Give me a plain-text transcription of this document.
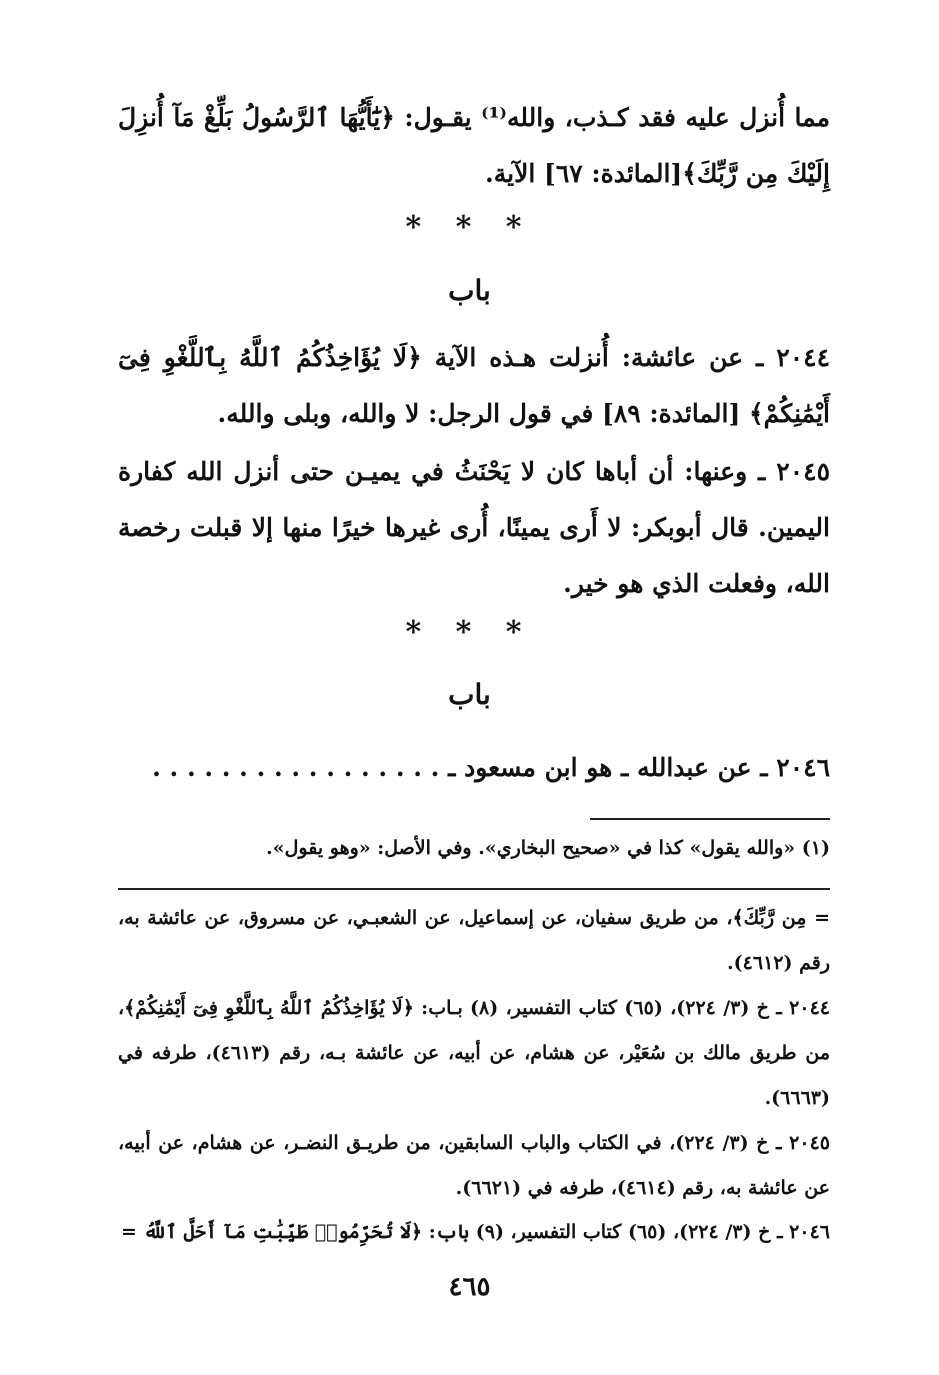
مما أُنزل عليه فقد كـذب، والله⁽¹⁾ يقـول: ﴿يَٰٓأَيُّهَا ٱلرَّسُولُ بَلِّغْ مَآ أُنزِلَ إِلَيْكَ مِن رَّبِّكَ﴾[المائدة: ٦٧] الآية.
* * *
باب
٢٠٤٤ ـ عن عائشة: أُنزلت هـذه الآية ﴿لَا يُؤَاخِذُكُمُ ٱللَّهُ بِٱللَّغْوِ فِىٓ أَيْمَٰنِكُمْ﴾ [المائدة: ٨٩] في قول الرجل: لا والله، وبلى والله.
٢٠٤٥ ـ وعنها: أن أباها كان لا يَحْنَثُ في يميـن حتى أنزل الله كفارة اليمين. قال أبوبكر: لا أَرى يمينًا، أُرى غيرها خيرًا منها إلا قبلت رخصة الله، وفعلت الذي هو خير.
* * *
باب
٢٠٤٦ ـ عن عبدالله ـ هو ابن مسعود ـ . . . . . . . . . . . . . . . . .
(١) «والله يقول» كذا في «صحيح البخاري». وفي الأصل: «وهو يقول».
= مِن رَّبِّكَ﴾، من طريق سفيان، عن إسماعيل، عن الشعبـي، عن مسروق، عن عائشة به، رقم (٤٦١٢).
٢٠٤٤ ـ خ (٣/ ٢٢٤)، (٦٥) كتاب التفسير، (٨) بـاب: ﴿لَا يُؤَاخِذُكُمُ ٱللَّهُ بِٱللَّغْوِ فِىٓ أَيْمَٰنِكُمْ﴾، من طريق مالك بن سُعَيْر، عن هشام، عن أبيه، عن عائشة بـه، رقم (٤٦١٣)، طرفه في (٦٦٦٣).
٢٠٤٥ ـ خ (٣/ ٢٢٤)، في الكتاب والباب السابقين، من طريـق النضـر، عن هشام، عن أبيه، عن عائشة به، رقم (٤٦١٤)، طرفه في (٦٦٢١).
٢٠٤٦ ـ خ (٣/ ٢٢٤)، (٦٥) كتاب التفسير، (٩) باب: ﴿لَا تُحَرِّمُوا۟ طَيِّبَٰتِ مَآ أَحَلَّ ٱللَّهُ =
٤٦٥
